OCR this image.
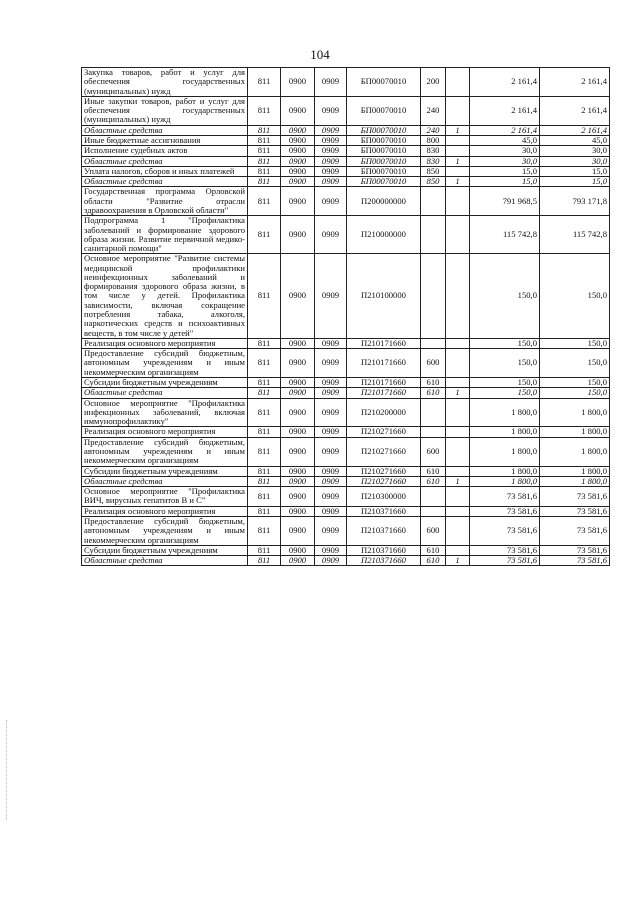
104
Закупка товаров, работ и услуг для обеспечения государственных (муниципальных) нужд	811	0900	0909	БП00070010	200		2 161,4	2 161,4
Иные закупки товаров, работ и услуг для обеспечения государственных (муниципальных) нужд	811	0900	0909	БП00070010	240		2 161,4	2 161,4
Областные средства	811	0900	0909	БП00070010	240	1	2 161,4	2 161,4
Иные бюджетные ассигнования	811	0900	0909	БП00070010	800		45,0	45,0
Исполнение судебных актов	811	0900	0909	БП00070010	830		30,0	30,0
Областные средства	811	0900	0909	БП00070010	830	1	30,0	30,0
Уплата налогов, сборов и иных платежей	811	0900	0909	БП00070010	850		15,0	15,0
Областные средства	811	0900	0909	БП00070010	850	1	15,0	15,0
Государственная программа Орловской области "Развитие отрасли здравоохранения в Орловской области"	811	0900	0909	П200000000			791 968,5	793 171,8
Подпрограмма 1 "Профилактика заболеваний и формирование здорового образа жизни. Развитие первичной медико-санитарной помощи"	811	0900	0909	П210000000			115 742,8	115 742,8
Основное мероприятие "Развитие системы медицинской профилактики неинфекционных заболеваний и формирования здорового образа жизни, в том числе у детей. Профилактика зависимости, включая сокращение потребления табака, алкоголя, наркотических средств и психоактивных веществ, в том числе у детей"	811	0900	0909	П210100000			150,0	150,0
Реализация основного мероприятия	811	0900	0909	П210171660			150,0	150,0
Предоставление субсидий бюджетным, автономным учреждениям и иным некоммерческим организациям	811	0900	0909	П210171660	600		150,0	150,0
Субсидии бюджетным учреждениям	811	0900	0909	П210171660	610		150,0	150,0
Областные средства	811	0900	0909	П210171660	610	1	150,0	150,0
Основное мероприятие "Профилактика инфекционных заболеваний, включая иммунопрофилактику"	811	0900	0909	П210200000			1 800,0	1 800,0
Реализация основного мероприятия	811	0900	0909	П210271660			1 800,0	1 800,0
Предоставление субсидий бюджетным, автономным учреждениям и иным некоммерческим организациям	811	0900	0909	П210271660	600		1 800,0	1 800,0
Субсидии бюджетным учреждениям	811	0900	0909	П210271660	610		1 800,0	1 800,0
Областные средства	811	0900	0909	П210271660	610	1	1 800,0	1 800,0
Основное мероприятие "Профилактика ВИЧ, вирусных гепатитов В и С"	811	0900	0909	П210300000			73 581,6	73 581,6
Реализация основного мероприятия	811	0900	0909	П210371660			73 581,6	73 581,6
Предоставление субсидий бюджетным, автономным учреждениям и иным некоммерческим организациям	811	0900	0909	П210371660	600		73 581,6	73 581,6
Субсидии бюджетным учреждениям	811	0900	0909	П210371660	610		73 581,6	73 581,6
Областные средства	811	0900	0909	П210371660	610	1	73 581,6	73 581,6
